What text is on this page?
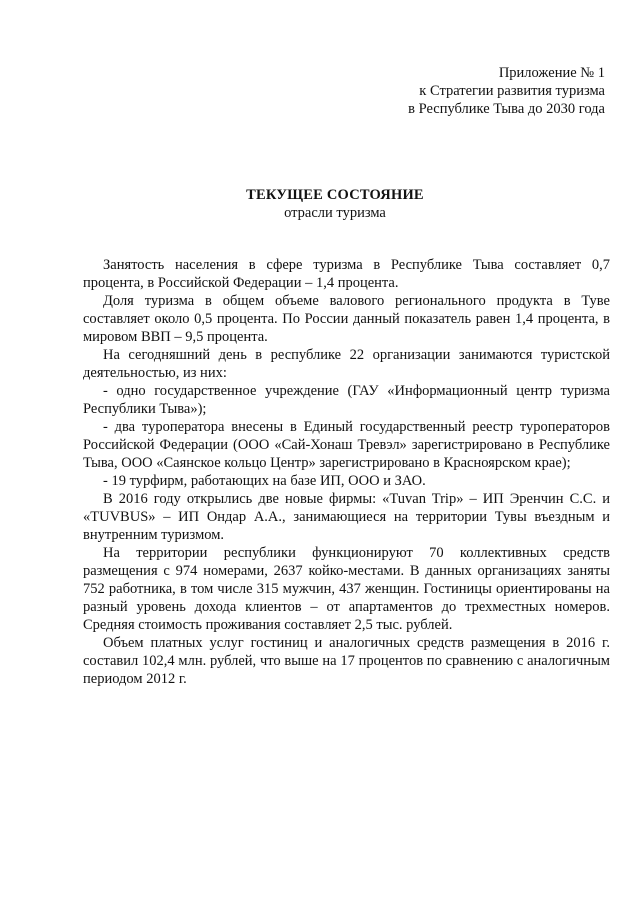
Приложение № 1
к Стратегии развития туризма
в Республике Тыва до 2030 года
ТЕКУЩЕЕ СОСТОЯНИЕ
отрасли туризма

Занятость населения в сфере туризма в Республике Тыва составляет 0,7 процента, в Российской Федерации – 1,4 процента.

Доля туризма в общем объеме валового регионального продукта в Туве составляет около 0,5 процента. По России данный показатель равен 1,4 процента, в мировом ВВП – 9,5 процента.

На сегодняшний день в республике 22 организации занимаются туристской деятельностью, из них:

- одно государственное учреждение (ГАУ «Информационный центр туризма Республики Тыва»);

- два туроператора внесены в Единый государственный реестр туроператоров Российской Федерации (ООО «Сай-Хонаш Тревэл» зарегистрировано в Республике Тыва, ООО «Саянское кольцо Центр» зарегистрировано в Красноярском крае);

- 19 турфирм, работающих на базе ИП, ООО и ЗАО.

В 2016 году открылись две новые фирмы: «Tuvan Trip» – ИП Эренчин С.С. и «TUVBUS» – ИП Ондар А.А., занимающиеся на территории Тувы въездным и внутренним туризмом.

На территории республики функционируют 70 коллективных средств размещения с 974 номерами, 2637 койко-местами. В данных организациях заняты 752 работника, в том числе 315 мужчин, 437 женщин. Гостиницы ориентированы на разный уровень дохода клиентов – от апартаментов до трехместных номеров. Средняя стоимость проживания составляет 2,5 тыс. рублей.

Объем платных услуг гостиниц и аналогичных средств размещения в 2016 г. составил 102,4 млн. рублей, что выше на 17 процентов по сравнению с аналогичным периодом 2012 г.
